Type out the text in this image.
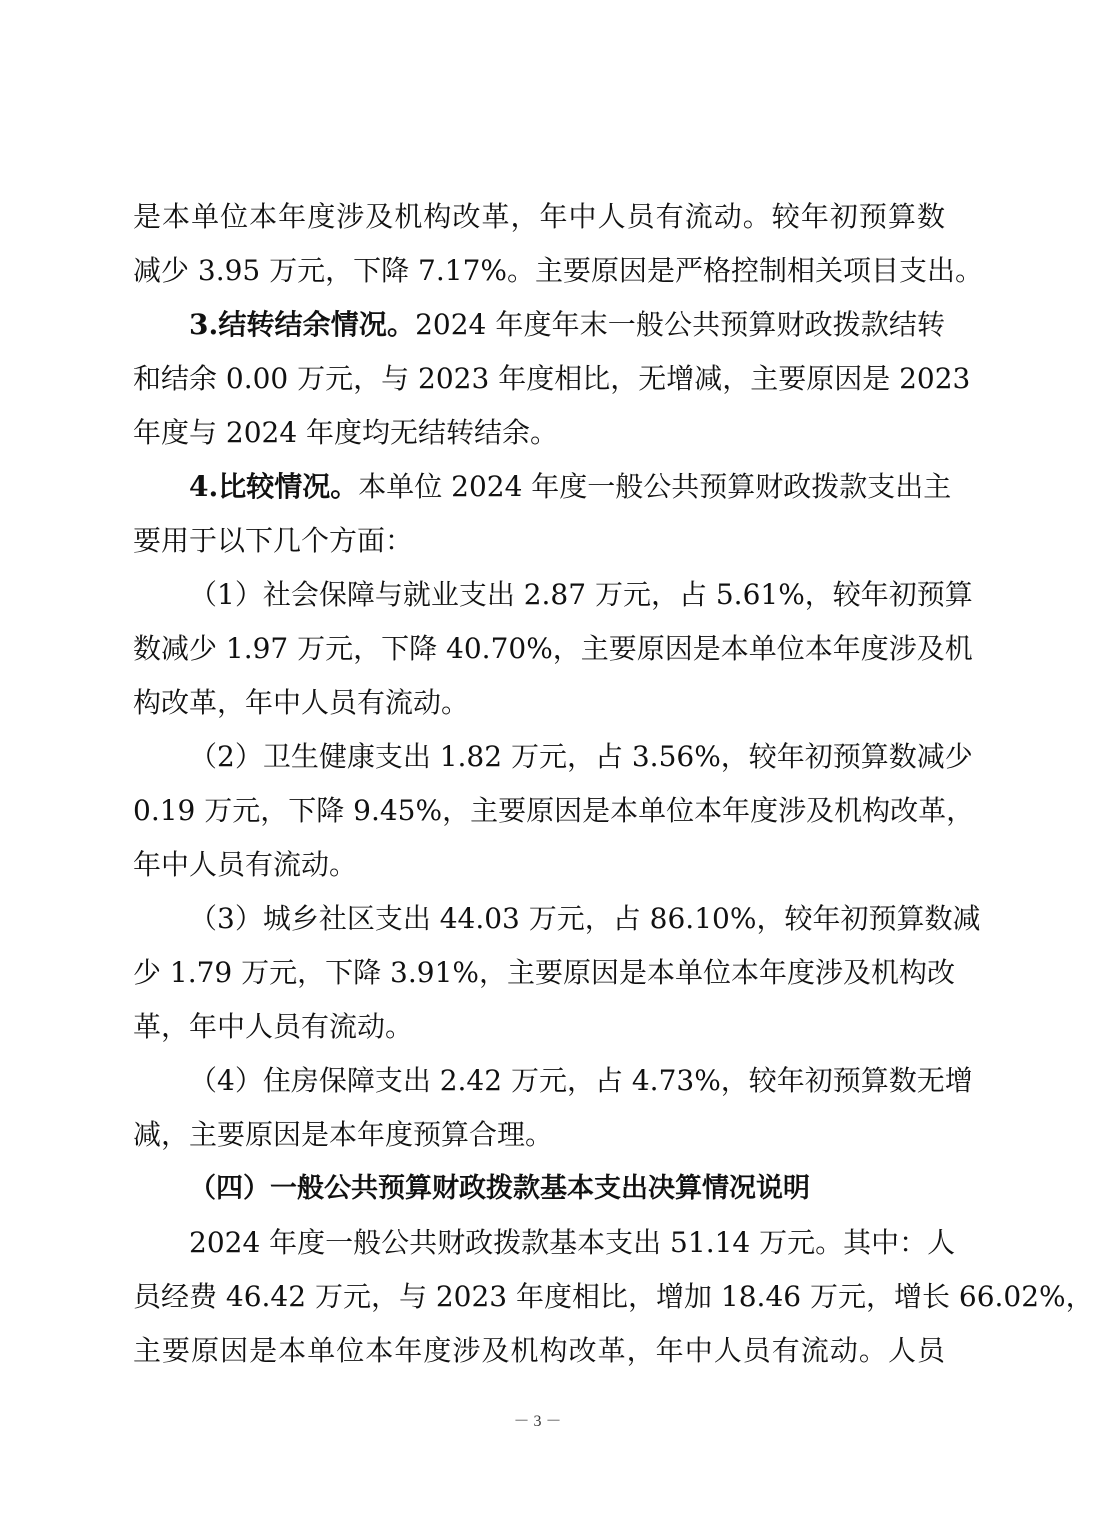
是本单位本年度涉及机构改革，年中人员有流动。较年初预算数
减少 3.95 万元，下降 7.17%。主要原因是严格控制相关项目支出。
3.结转结余情况。2024 年度年末一般公共预算财政拨款结转
和结余 0.00 万元，与 2023 年度相比，无增减，主要原因是 2023
年度与 2024 年度均无结转结余。
4.比较情况。本单位 2024 年度一般公共预算财政拨款支出主
要用于以下几个方面：
（1）社会保障与就业支出 2.87 万元，占 5.61%，较年初预算
数减少 1.97 万元，下降 40.70%，主要原因是本单位本年度涉及机
构改革，年中人员有流动。
（2）卫生健康支出 1.82 万元，占 3.56%，较年初预算数减少
0.19 万元，下降 9.45%，主要原因是本单位本年度涉及机构改革，
年中人员有流动。
（3）城乡社区支出 44.03 万元，占 86.10%，较年初预算数减
少 1.79 万元，下降 3.91%，主要原因是本单位本年度涉及机构改
革，年中人员有流动。
（4）住房保障支出 2.42 万元，占 4.73%，较年初预算数无增
减，主要原因是本年度预算合理。
（四）一般公共预算财政拨款基本支出决算情况说明
2024 年度一般公共财政拨款基本支出 51.14 万元。其中：人
员经费 46.42 万元，与 2023 年度相比，增加 18.46 万元，增长 66.02%，
主要原因是本单位本年度涉及机构改革，年中人员有流动。人员
－ 3 －
